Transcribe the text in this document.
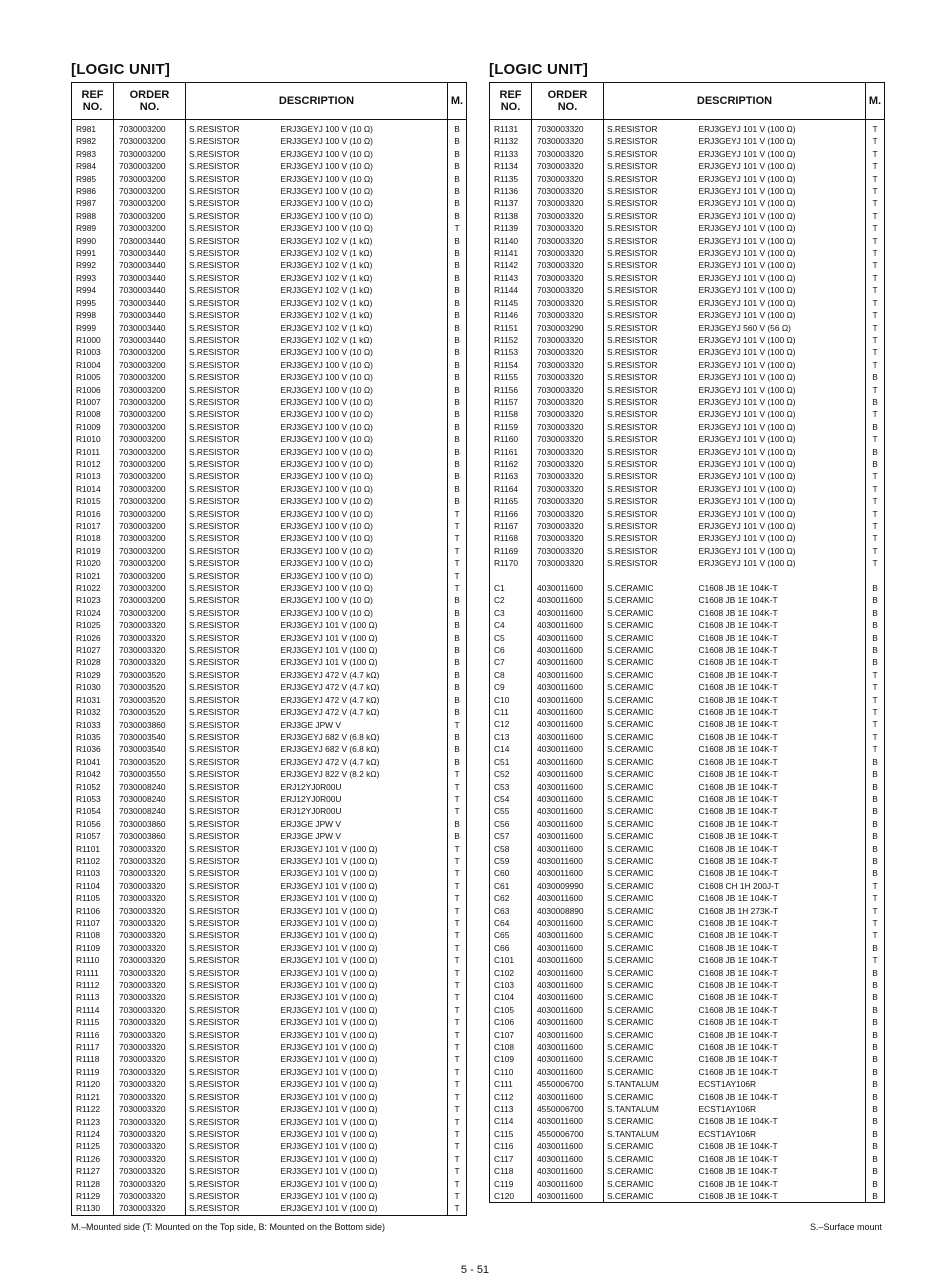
[LOGIC UNIT]
REF
NO.	ORDER
NO.	DESCRIPTION		M.
R981	7030003200	S.RESISTOR	ERJ3GEYJ 100 V (10 Ω)	B
R982	7030003200	S.RESISTOR	ERJ3GEYJ 100 V (10 Ω)	B
R983	7030003200	S.RESISTOR	ERJ3GEYJ 100 V (10 Ω)	B
R984	7030003200	S.RESISTOR	ERJ3GEYJ 100 V (10 Ω)	B
R985	7030003200	S.RESISTOR	ERJ3GEYJ 100 V (10 Ω)	B
R986	7030003200	S.RESISTOR	ERJ3GEYJ 100 V (10 Ω)	B
R987	7030003200	S.RESISTOR	ERJ3GEYJ 100 V (10 Ω)	B
R988	7030003200	S.RESISTOR	ERJ3GEYJ 100 V (10 Ω)	B
R989	7030003200	S.RESISTOR	ERJ3GEYJ 100 V (10 Ω)	T
R990	7030003440	S.RESISTOR	ERJ3GEYJ 102 V (1 kΩ)	B
R991	7030003440	S.RESISTOR	ERJ3GEYJ 102 V (1 kΩ)	B
R992	7030003440	S.RESISTOR	ERJ3GEYJ 102 V (1 kΩ)	B
R993	7030003440	S.RESISTOR	ERJ3GEYJ 102 V (1 kΩ)	B
R994	7030003440	S.RESISTOR	ERJ3GEYJ 102 V (1 kΩ)	B
R995	7030003440	S.RESISTOR	ERJ3GEYJ 102 V (1 kΩ)	B
R998	7030003440	S.RESISTOR	ERJ3GEYJ 102 V (1 kΩ)	B
R999	7030003440	S.RESISTOR	ERJ3GEYJ 102 V (1 kΩ)	B
R1000	7030003440	S.RESISTOR	ERJ3GEYJ 102 V (1 kΩ)	B
R1003	7030003200	S.RESISTOR	ERJ3GEYJ 100 V (10 Ω)	B
R1004	7030003200	S.RESISTOR	ERJ3GEYJ 100 V (10 Ω)	B
R1005	7030003200	S.RESISTOR	ERJ3GEYJ 100 V (10 Ω)	B
R1006	7030003200	S.RESISTOR	ERJ3GEYJ 100 V (10 Ω)	B
R1007	7030003200	S.RESISTOR	ERJ3GEYJ 100 V (10 Ω)	B
R1008	7030003200	S.RESISTOR	ERJ3GEYJ 100 V (10 Ω)	B
R1009	7030003200	S.RESISTOR	ERJ3GEYJ 100 V (10 Ω)	B
R1010	7030003200	S.RESISTOR	ERJ3GEYJ 100 V (10 Ω)	B
R1011	7030003200	S.RESISTOR	ERJ3GEYJ 100 V (10 Ω)	B
R1012	7030003200	S.RESISTOR	ERJ3GEYJ 100 V (10 Ω)	B
R1013	7030003200	S.RESISTOR	ERJ3GEYJ 100 V (10 Ω)	B
R1014	7030003200	S.RESISTOR	ERJ3GEYJ 100 V (10 Ω)	B
R1015	7030003200	S.RESISTOR	ERJ3GEYJ 100 V (10 Ω)	B
R1016	7030003200	S.RESISTOR	ERJ3GEYJ 100 V (10 Ω)	T
R1017	7030003200	S.RESISTOR	ERJ3GEYJ 100 V (10 Ω)	T
R1018	7030003200	S.RESISTOR	ERJ3GEYJ 100 V (10 Ω)	T
R1019	7030003200	S.RESISTOR	ERJ3GEYJ 100 V (10 Ω)	T
R1020	7030003200	S.RESISTOR	ERJ3GEYJ 100 V (10 Ω)	T
R1021	7030003200	S.RESISTOR	ERJ3GEYJ 100 V (10 Ω)	T
R1022	7030003200	S.RESISTOR	ERJ3GEYJ 100 V (10 Ω)	T
R1023	7030003200	S.RESISTOR	ERJ3GEYJ 100 V (10 Ω)	B
R1024	7030003200	S.RESISTOR	ERJ3GEYJ 100 V (10 Ω)	B
R1025	7030003320	S.RESISTOR	ERJ3GEYJ 101 V (100 Ω)	B
R1026	7030003320	S.RESISTOR	ERJ3GEYJ 101 V (100 Ω)	B
R1027	7030003320	S.RESISTOR	ERJ3GEYJ 101 V (100 Ω)	B
R1028	7030003320	S.RESISTOR	ERJ3GEYJ 101 V (100 Ω)	B
R1029	7030003520	S.RESISTOR	ERJ3GEYJ 472 V (4.7 kΩ)	B
R1030	7030003520	S.RESISTOR	ERJ3GEYJ 472 V (4.7 kΩ)	B
R1031	7030003520	S.RESISTOR	ERJ3GEYJ 472 V (4.7 kΩ)	B
R1032	7030003520	S.RESISTOR	ERJ3GEYJ 472 V (4.7 kΩ)	B
R1033	7030003860	S.RESISTOR	ERJ3GE JPW V	T
R1035	7030003540	S.RESISTOR	ERJ3GEYJ 682 V (6.8 kΩ)	B
R1036	7030003540	S.RESISTOR	ERJ3GEYJ 682 V (6.8 kΩ)	B
R1041	7030003520	S.RESISTOR	ERJ3GEYJ 472 V (4.7 kΩ)	B
R1042	7030003550	S.RESISTOR	ERJ3GEYJ 822 V (8.2 kΩ)	T
R1052	7030008240	S.RESISTOR	ERJ12YJ0R00U	T
R1053	7030008240	S.RESISTOR	ERJ12YJ0R00U	T
R1054	7030008240	S.RESISTOR	ERJ12YJ0R00U	T
R1056	7030003860	S.RESISTOR	ERJ3GE JPW V	B
R1057	7030003860	S.RESISTOR	ERJ3GE JPW V	B
R1101	7030003320	S.RESISTOR	ERJ3GEYJ 101 V (100 Ω)	T
R1102	7030003320	S.RESISTOR	ERJ3GEYJ 101 V (100 Ω)	T
R1103	7030003320	S.RESISTOR	ERJ3GEYJ 101 V (100 Ω)	T
R1104	7030003320	S.RESISTOR	ERJ3GEYJ 101 V (100 Ω)	T
R1105	7030003320	S.RESISTOR	ERJ3GEYJ 101 V (100 Ω)	T
R1106	7030003320	S.RESISTOR	ERJ3GEYJ 101 V (100 Ω)	T
R1107	7030003320	S.RESISTOR	ERJ3GEYJ 101 V (100 Ω)	T
R1108	7030003320	S.RESISTOR	ERJ3GEYJ 101 V (100 Ω)	T
R1109	7030003320	S.RESISTOR	ERJ3GEYJ 101 V (100 Ω)	T
R1110	7030003320	S.RESISTOR	ERJ3GEYJ 101 V (100 Ω)	T
R1111	7030003320	S.RESISTOR	ERJ3GEYJ 101 V (100 Ω)	T
R1112	7030003320	S.RESISTOR	ERJ3GEYJ 101 V (100 Ω)	T
R1113	7030003320	S.RESISTOR	ERJ3GEYJ 101 V (100 Ω)	T
R1114	7030003320	S.RESISTOR	ERJ3GEYJ 101 V (100 Ω)	T
R1115	7030003320	S.RESISTOR	ERJ3GEYJ 101 V (100 Ω)	T
R1116	7030003320	S.RESISTOR	ERJ3GEYJ 101 V (100 Ω)	T
R1117	7030003320	S.RESISTOR	ERJ3GEYJ 101 V (100 Ω)	T
R1118	7030003320	S.RESISTOR	ERJ3GEYJ 101 V (100 Ω)	T
R1119	7030003320	S.RESISTOR	ERJ3GEYJ 101 V (100 Ω)	T
R1120	7030003320	S.RESISTOR	ERJ3GEYJ 101 V (100 Ω)	T
R1121	7030003320	S.RESISTOR	ERJ3GEYJ 101 V (100 Ω)	T
R1122	7030003320	S.RESISTOR	ERJ3GEYJ 101 V (100 Ω)	T
R1123	7030003320	S.RESISTOR	ERJ3GEYJ 101 V (100 Ω)	T
R1124	7030003320	S.RESISTOR	ERJ3GEYJ 101 V (100 Ω)	T
R1125	7030003320	S.RESISTOR	ERJ3GEYJ 101 V (100 Ω)	T
R1126	7030003320	S.RESISTOR	ERJ3GEYJ 101 V (100 Ω)	T
R1127	7030003320	S.RESISTOR	ERJ3GEYJ 101 V (100 Ω)	T
R1128	7030003320	S.RESISTOR	ERJ3GEYJ 101 V (100 Ω)	T
R1129	7030003320	S.RESISTOR	ERJ3GEYJ 101 V (100 Ω)	T
R1130	7030003320	S.RESISTOR	ERJ3GEYJ 101 V (100 Ω)	T
[LOGIC UNIT]
REF
NO.	ORDER
NO.	DESCRIPTION		M.
R1131	7030003320	S.RESISTOR	ERJ3GEYJ 101 V (100 Ω)	T
R1132	7030003320	S.RESISTOR	ERJ3GEYJ 101 V (100 Ω)	T
R1133	7030003320	S.RESISTOR	ERJ3GEYJ 101 V (100 Ω)	T
R1134	7030003320	S.RESISTOR	ERJ3GEYJ 101 V (100 Ω)	T
R1135	7030003320	S.RESISTOR	ERJ3GEYJ 101 V (100 Ω)	T
R1136	7030003320	S.RESISTOR	ERJ3GEYJ 101 V (100 Ω)	T
R1137	7030003320	S.RESISTOR	ERJ3GEYJ 101 V (100 Ω)	T
R1138	7030003320	S.RESISTOR	ERJ3GEYJ 101 V (100 Ω)	T
R1139	7030003320	S.RESISTOR	ERJ3GEYJ 101 V (100 Ω)	T
R1140	7030003320	S.RESISTOR	ERJ3GEYJ 101 V (100 Ω)	T
R1141	7030003320	S.RESISTOR	ERJ3GEYJ 101 V (100 Ω)	T
R1142	7030003320	S.RESISTOR	ERJ3GEYJ 101 V (100 Ω)	T
R1143	7030003320	S.RESISTOR	ERJ3GEYJ 101 V (100 Ω)	T
R1144	7030003320	S.RESISTOR	ERJ3GEYJ 101 V (100 Ω)	T
R1145	7030003320	S.RESISTOR	ERJ3GEYJ 101 V (100 Ω)	T
R1146	7030003320	S.RESISTOR	ERJ3GEYJ 101 V (100 Ω)	T
R1151	7030003290	S.RESISTOR	ERJ3GEYJ 560 V (56 Ω)	T
R1152	7030003320	S.RESISTOR	ERJ3GEYJ 101 V (100 Ω)	T
R1153	7030003320	S.RESISTOR	ERJ3GEYJ 101 V (100 Ω)	T
R1154	7030003320	S.RESISTOR	ERJ3GEYJ 101 V (100 Ω)	T
R1155	7030003320	S.RESISTOR	ERJ3GEYJ 101 V (100 Ω)	B
R1156	7030003320	S.RESISTOR	ERJ3GEYJ 101 V (100 Ω)	T
R1157	7030003320	S.RESISTOR	ERJ3GEYJ 101 V (100 Ω)	B
R1158	7030003320	S.RESISTOR	ERJ3GEYJ 101 V (100 Ω)	T
R1159	7030003320	S.RESISTOR	ERJ3GEYJ 101 V (100 Ω)	B
R1160	7030003320	S.RESISTOR	ERJ3GEYJ 101 V (100 Ω)	T
R1161	7030003320	S.RESISTOR	ERJ3GEYJ 101 V (100 Ω)	B
R1162	7030003320	S.RESISTOR	ERJ3GEYJ 101 V (100 Ω)	B
R1163	7030003320	S.RESISTOR	ERJ3GEYJ 101 V (100 Ω)	T
R1164	7030003320	S.RESISTOR	ERJ3GEYJ 101 V (100 Ω)	T
R1165	7030003320	S.RESISTOR	ERJ3GEYJ 101 V (100 Ω)	T
R1166	7030003320	S.RESISTOR	ERJ3GEYJ 101 V (100 Ω)	T
R1167	7030003320	S.RESISTOR	ERJ3GEYJ 101 V (100 Ω)	T
R1168	7030003320	S.RESISTOR	ERJ3GEYJ 101 V (100 Ω)	T
R1169	7030003320	S.RESISTOR	ERJ3GEYJ 101 V (100 Ω)	T
R1170	7030003320	S.RESISTOR	ERJ3GEYJ 101 V (100 Ω)	T

C1	4030011600	S.CERAMIC	C1608 JB 1E 104K-T	B
C2	4030011600	S.CERAMIC	C1608 JB 1E 104K-T	B
C3	4030011600	S.CERAMIC	C1608 JB 1E 104K-T	B
C4	4030011600	S.CERAMIC	C1608 JB 1E 104K-T	B
C5	4030011600	S.CERAMIC	C1608 JB 1E 104K-T	B
C6	4030011600	S.CERAMIC	C1608 JB 1E 104K-T	B
C7	4030011600	S.CERAMIC	C1608 JB 1E 104K-T	B
C8	4030011600	S.CERAMIC	C1608 JB 1E 104K-T	T
C9	4030011600	S.CERAMIC	C1608 JB 1E 104K-T	T
C10	4030011600	S.CERAMIC	C1608 JB 1E 104K-T	T
C11	4030011600	S.CERAMIC	C1608 JB 1E 104K-T	T
C12	4030011600	S.CERAMIC	C1608 JB 1E 104K-T	T
C13	4030011600	S.CERAMIC	C1608 JB 1E 104K-T	T
C14	4030011600	S.CERAMIC	C1608 JB 1E 104K-T	T
C51	4030011600	S.CERAMIC	C1608 JB 1E 104K-T	B
C52	4030011600	S.CERAMIC	C1608 JB 1E 104K-T	B
C53	4030011600	S.CERAMIC	C1608 JB 1E 104K-T	B
C54	4030011600	S.CERAMIC	C1608 JB 1E 104K-T	B
C55	4030011600	S.CERAMIC	C1608 JB 1E 104K-T	B
C56	4030011600	S.CERAMIC	C1608 JB 1E 104K-T	B
C57	4030011600	S.CERAMIC	C1608 JB 1E 104K-T	B
C58	4030011600	S.CERAMIC	C1608 JB 1E 104K-T	B
C59	4030011600	S.CERAMIC	C1608 JB 1E 104K-T	B
C60	4030011600	S.CERAMIC	C1608 JB 1E 104K-T	B
C61	4030009990	S.CERAMIC	C1608 CH 1H 200J-T	T
C62	4030011600	S.CERAMIC	C1608 JB 1E 104K-T	T
C63	4030008890	S.CERAMIC	C1608 JB 1H 273K-T	T
C64	4030011600	S.CERAMIC	C1608 JB 1E 104K-T	T
C65	4030011600	S.CERAMIC	C1608 JB 1E 104K-T	T
C66	4030011600	S.CERAMIC	C1608 JB 1E 104K-T	B
C101	4030011600	S.CERAMIC	C1608 JB 1E 104K-T	T
C102	4030011600	S.CERAMIC	C1608 JB 1E 104K-T	B
C103	4030011600	S.CERAMIC	C1608 JB 1E 104K-T	B
C104	4030011600	S.CERAMIC	C1608 JB 1E 104K-T	B
C105	4030011600	S.CERAMIC	C1608 JB 1E 104K-T	B
C106	4030011600	S.CERAMIC	C1608 JB 1E 104K-T	B
C107	4030011600	S.CERAMIC	C1608 JB 1E 104K-T	B
C108	4030011600	S.CERAMIC	C1608 JB 1E 104K-T	B
C109	4030011600	S.CERAMIC	C1608 JB 1E 104K-T	B
C110	4030011600	S.CERAMIC	C1608 JB 1E 104K-T	B
C111	4550006700	S.TANTALUM	ECST1AY106R	B
C112	4030011600	S.CERAMIC	C1608 JB 1E 104K-T	B
C113	4550006700	S.TANTALUM	ECST1AY106R	B
C114	4030011600	S.CERAMIC	C1608 JB 1E 104K-T	B
C115	4550006700	S.TANTALUM	ECST1AY106R	B
C116	4030011600	S.CERAMIC	C1608 JB 1E 104K-T	B
C117	4030011600	S.CERAMIC	C1608 JB 1E 104K-T	B
C118	4030011600	S.CERAMIC	C1608 JB 1E 104K-T	B
C119	4030011600	S.CERAMIC	C1608 JB 1E 104K-T	B
C120	4030011600	S.CERAMIC	C1608 JB 1E 104K-T	B
M.–Mounted side (T: Mounted on the Top side, B: Mounted on the Bottom side)	S.–Surface mount
5 - 51
